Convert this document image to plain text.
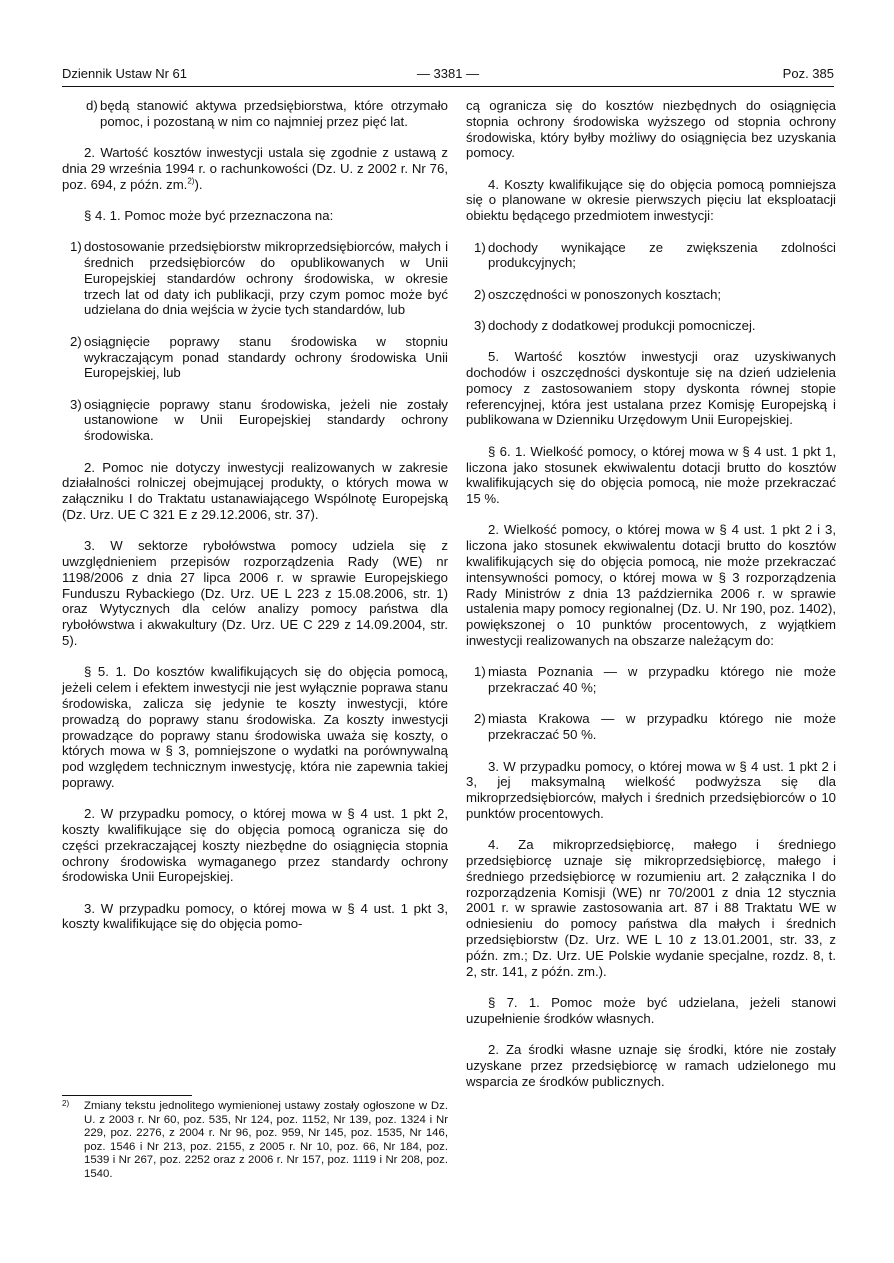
Dziennik Ustaw Nr 61	— 3381 —	Poz. 385

d) będą stanowić aktywa przedsiębiorstwa, które otrzymało pomoc, i pozostaną w nim co najmniej przez pięć lat.

2. Wartość kosztów inwestycji ustala się zgodnie z ustawą z dnia 29 września 1994 r. o rachunkowości (Dz. U. z 2002 r. Nr 76, poz. 694, z późn. zm.$^{2)}$).

§ 4. 1. Pomoc może być przeznaczona na:

1) dostosowanie przedsiębiorstw mikroprzedsiębiorców, małych i średnich przedsiębiorców do opublikowanych w Unii Europejskiej standardów ochrony środowiska, w okresie trzech lat od daty ich publikacji, przy czym pomoc może być udzielana do dnia wejścia w życie tych standardów, lub

2) osiągnięcie poprawy stanu środowiska w stopniu wykraczającym ponad standardy ochrony środowiska Unii Europejskiej, lub

3) osiągnięcie poprawy stanu środowiska, jeżeli nie zostały ustanowione w Unii Europejskiej standardy ochrony środowiska.

2. Pomoc nie dotyczy inwestycji realizowanych w zakresie działalności rolniczej obejmującej produkty, o których mowa w załączniku I do Traktatu ustanawiającego Wspólnotę Europejską (Dz. Urz. UE C 321 E z 29.12.2006, str. 37).

3. W sektorze rybołówstwa pomocy udziela się z uwzględnieniem przepisów rozporządzenia Rady (WE) nr 1198/2006 z dnia 27 lipca 2006 r. w sprawie Europejskiego Funduszu Rybackiego (Dz. Urz. UE L 223 z 15.08.2006, str. 1) oraz Wytycznych dla celów analizy pomocy państwa dla rybołówstwa i akwakultury (Dz. Urz. UE C 229 z 14.09.2004, str. 5).

§ 5. 1. Do kosztów kwalifikujących się do objęcia pomocą, jeżeli celem i efektem inwestycji nie jest wyłącznie poprawa stanu środowiska, zalicza się jedynie te koszty inwestycji, które prowadzą do poprawy stanu środowiska. Za koszty inwestycji prowadzące do poprawy stanu środowiska uważa się koszty, o których mowa w § 3, pomniejszone o wydatki na porównywalną pod względem technicznym inwestycję, która nie zapewnia takiej poprawy.

2. W przypadku pomocy, o której mowa w § 4 ust. 1 pkt 2, koszty kwalifikujące się do objęcia pomocą ogranicza się do części przekraczającej koszty niezbędne do osiągnięcia stopnia ochrony środowiska wymaganego przez standardy ochrony środowiska Unii Europejskiej.

3. W przypadku pomocy, o której mowa w § 4 ust. 1 pkt 3, koszty kwalifikujące się do objęcia pomo-

2)	Zmiany tekstu jednolitego wymienionej ustawy zostały ogłoszone w Dz. U. z 2003 r. Nr 60, poz. 535, Nr 124, poz. 1152, Nr 139, poz. 1324 i Nr 229, poz. 2276, z 2004 r. Nr 96, poz. 959, Nr 145, poz. 1535, Nr 146, poz. 1546 i Nr 213, poz. 2155, z 2005 r. Nr 10, poz. 66, Nr 184, poz. 1539 i Nr 267, poz. 2252 oraz z 2006 r. Nr 157, poz. 1119 i Nr 208, poz. 1540.

cą ogranicza się do kosztów niezbędnych do osiągnięcia stopnia ochrony środowiska wyższego od stopnia ochrony środowiska, który byłby możliwy do osiągnięcia bez uzyskania pomocy.

4. Koszty kwalifikujące się do objęcia pomocą pomniejsza się o planowane w okresie pierwszych pięciu lat eksploatacji obiektu będącego przedmiotem inwestycji:

1) dochody wynikające ze zwiększenia zdolności produkcyjnych;

2) oszczędności w ponoszonych kosztach;

3) dochody z dodatkowej produkcji pomocniczej.

5. Wartość kosztów inwestycji oraz uzyskiwanych dochodów i oszczędności dyskontuje się na dzień udzielenia pomocy z zastosowaniem stopy dyskonta równej stopie referencyjnej, która jest ustalana przez Komisję Europejską i publikowana w Dzienniku Urzędowym Unii Europejskiej.

§ 6. 1. Wielkość pomocy, o której mowa w § 4 ust. 1 pkt 1, liczona jako stosunek ekwiwalentu dotacji brutto do kosztów kwalifikujących się do objęcia pomocą, nie może przekraczać 15 %.

2. Wielkość pomocy, o której mowa w § 4 ust. 1 pkt 2 i 3, liczona jako stosunek ekwiwalentu dotacji brutto do kosztów kwalifikujących się do objęcia pomocą, nie może przekraczać intensywności pomocy, o której mowa w § 3 rozporządzenia Rady Ministrów z dnia 13 października 2006 r. w sprawie ustalenia mapy pomocy regionalnej (Dz. U. Nr 190, poz. 1402), powiększonej o 10 punktów procentowych, z wyjątkiem inwestycji realizowanych na obszarze należącym do:

1) miasta Poznania — w przypadku którego nie może przekraczać 40 %;

2) miasta Krakowa — w przypadku którego nie może przekraczać 50 %.

3. W przypadku pomocy, o której mowa w § 4 ust. 1 pkt 2 i 3, jej maksymalną wielkość podwyższa się dla mikroprzedsiębiorców, małych i średnich przedsiębiorców o 10 punktów procentowych.

4. Za mikroprzedsiębiorcę, małego i średniego przedsiębiorcę uznaje się mikroprzedsiębiorcę, małego i średniego przedsiębiorcę w rozumieniu art. 2 załącznika I do rozporządzenia Komisji (WE) nr 70/2001 z dnia 12 stycznia 2001 r. w sprawie zastosowania art. 87 i 88 Traktatu WE w odniesieniu do pomocy państwa dla małych i średnich przedsiębiorstw (Dz. Urz. WE L 10 z 13.01.2001, str. 33, z późn. zm.; Dz. Urz. UE Polskie wydanie specjalne, rozdz. 8, t. 2, str. 141, z późn. zm.).

§ 7. 1. Pomoc może być udzielana, jeżeli stanowi uzupełnienie środków własnych.

2. Za środki własne uznaje się środki, które nie zostały uzyskane przez przedsiębiorcę w ramach udzielonego mu wsparcia ze środków publicznych.
